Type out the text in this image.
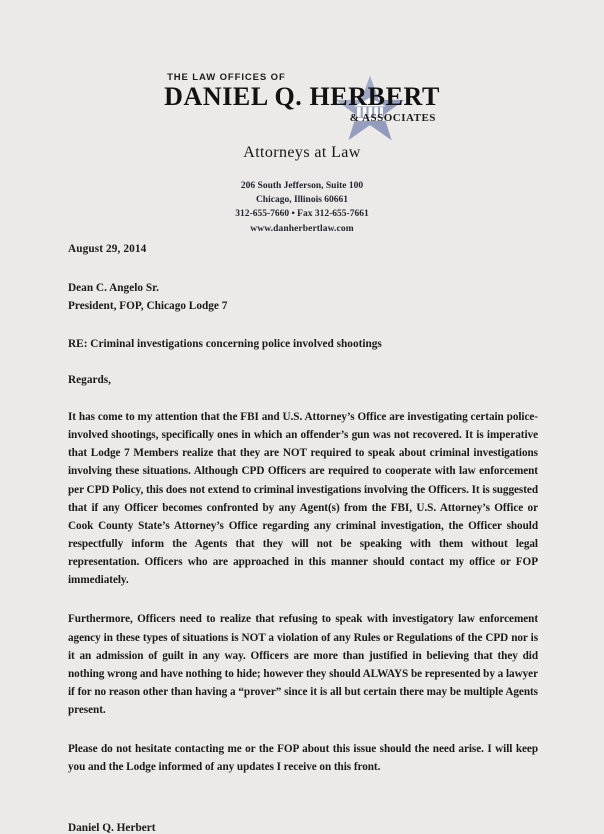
THE LAW OFFICES OF
DANIEL Q. HERBERT
& ASSOCIATES
Attorneys at Law
206 South Jefferson, Suite 100
Chicago, Illinois 60661
312-655-7660 • Fax 312-655-7661
www.danherbertlaw.com
August 29, 2014
Dean C. Angelo Sr.
President, FOP, Chicago Lodge 7
RE: Criminal investigations concerning police involved shootings
Regards,

It has come to my attention that the FBI and U.S. Attorney’s Office are investigating certain police-involved shootings, specifically ones in which an offender’s gun was not recovered. It is imperative that Lodge 7 Members realize that they are NOT required to speak about criminal investigations involving these situations. Although CPD Officers are required to cooperate with law enforcement per CPD Policy, this does not extend to criminal investigations involving the Officers. It is suggested that if any Officer becomes confronted by any Agent(s) from the FBI, U.S. Attorney’s Office or Cook County State’s Attorney’s Office regarding any criminal investigation, the Officer should respectfully inform the Agents that they will not be speaking with them without legal representation. Officers who are approached in this manner should contact my office or FOP immediately.

Furthermore, Officers need to realize that refusing to speak with investigatory law enforcement agency in these types of situations is NOT a violation of any Rules or Regulations of the CPD nor is it an admission of guilt in any way. Officers are more than justified in believing that they did nothing wrong and have nothing to hide; however they should ALWAYS be represented by a lawyer if for no reason other than having a “prover” since it is all but certain there may be multiple Agents present.

Please do not hesitate contacting me or the FOP about this issue should the need arise. I will keep you and the Lodge informed of any updates I receive on this front.

Daniel Q. Herbert
